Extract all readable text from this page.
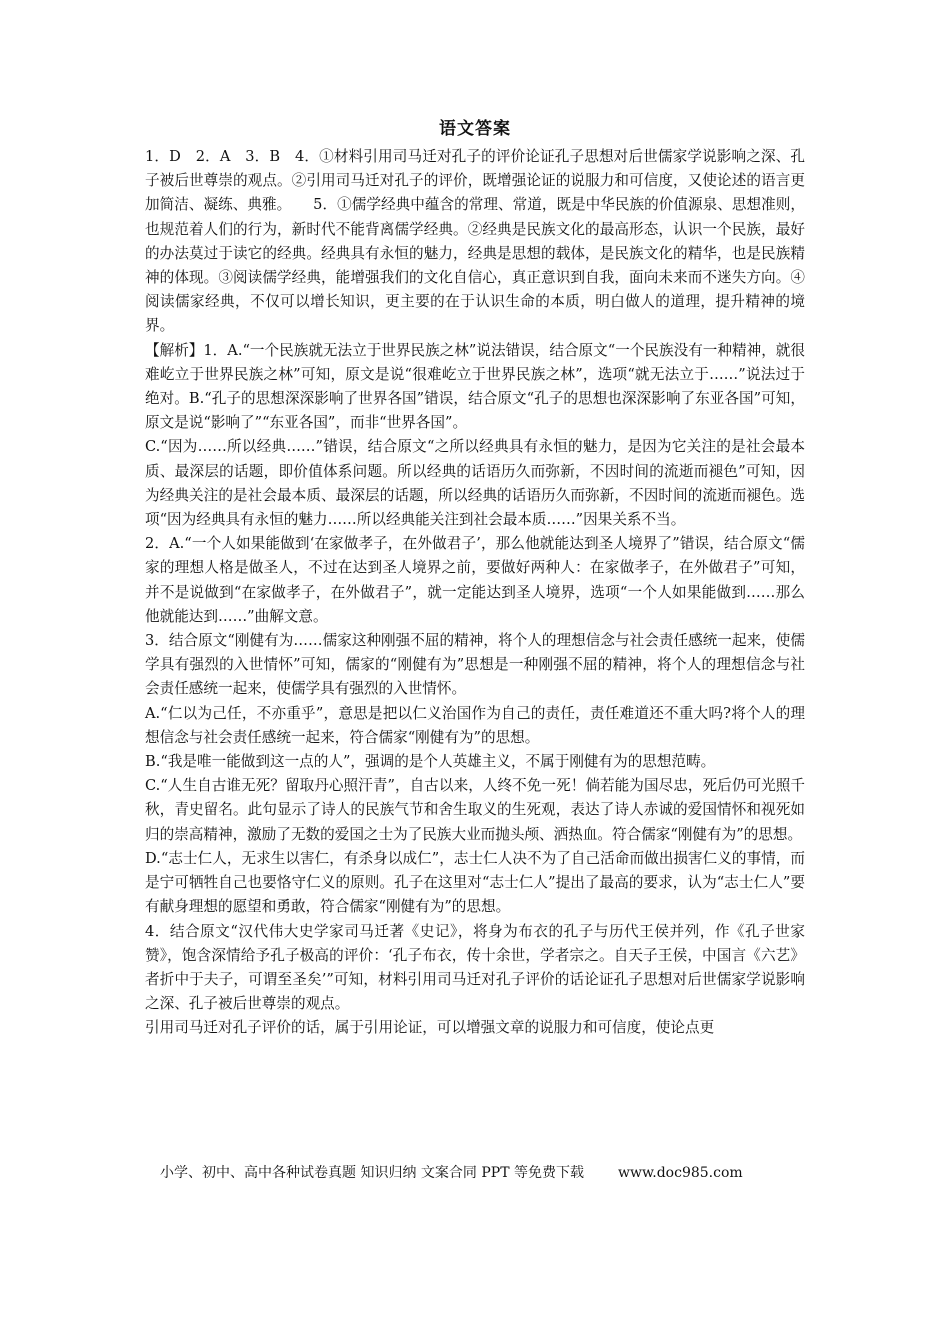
语文答案

1．D　2．A　3．B　4．①材料引用司马迁对孔子的评价论证孔子思想对后世儒家学说影响之深、孔子被后世尊崇的观点。②引用司马迁对孔子的评价，既增强论证的说服力和可信度，又使论述的语言更加简洁、凝练、典雅。　　5．①儒学经典中蕴含的常理、常道，既是中华民族的价值源泉、思想准则，也规范着人们的行为，新时代不能背离儒学经典。②经典是民族文化的最高形态，认识一个民族，最好的办法莫过于读它的经典。经典具有永恒的魅力，经典是思想的载体，是民族文化的精华，也是民族精神的体现。③阅读儒学经典，能增强我们的文化自信心，真正意识到自我，面向未来而不迷失方向。④阅读儒家经典，不仅可以增长知识，更主要的在于认识生命的本质，明白做人的道理，提升精神的境界。

【解析】1．A.“一个民族就无法立于世界民族之林”说法错误，结合原文“一个民族没有一种精神，就很难屹立于世界民族之林”可知，原文是说“很难屹立于世界民族之林”，选项“就无法立于……”说法过于绝对。B.“孔子的思想深深影响了世界各国”错误，结合原文“孔子的思想也深深影响了东亚各国”可知，原文是说“影响了”“东亚各国”，而非“世界各国”。

C.“因为……所以经典……”错误，结合原文“之所以经典具有永恒的魅力，是因为它关注的是社会最本质、最深层的话题，即价值体系问题。所以经典的话语历久而弥新，不因时间的流逝而褪色”可知，因为经典关注的是社会最本质、最深层的话题，所以经典的话语历久而弥新，不因时间的流逝而褪色。选项“因为经典具有永恒的魅力……所以经典能关注到社会最本质……”因果关系不当。

2．A.“一个人如果能做到‘在家做孝子，在外做君子’，那么他就能达到圣人境界了”错误，结合原文“儒家的理想人格是做圣人，不过在达到圣人境界之前，要做好两种人：在家做孝子，在外做君子”可知，并不是说做到“在家做孝子，在外做君子”，就一定能达到圣人境界，选项“一个人如果能做到……那么他就能达到……”曲解文意。

3．结合原文“刚健有为……儒家这种刚强不屈的精神，将个人的理想信念与社会责任感统一起来，使儒学具有强烈的入世情怀”可知，儒家的“刚健有为”思想是一种刚强不屈的精神，将个人的理想信念与社会责任感统一起来，使儒学具有强烈的入世情怀。

A.“仁以为己任，不亦重乎”，意思是把以仁义治国作为自己的责任，责任难道还不重大吗?将个人的理想信念与社会责任感统一起来，符合儒家“刚健有为”的思想。

B.“我是唯一能做到这一点的人”，强调的是个人英雄主义，不属于刚健有为的思想范畴。

C.“人生自古谁无死？留取丹心照汗青”，自古以来，人终不免一死！倘若能为国尽忠，死后仍可光照千秋，青史留名。此句显示了诗人的民族气节和舍生取义的生死观，表达了诗人赤诚的爱国情怀和视死如归的崇高精神，激励了无数的爱国之士为了民族大业而抛头颅、洒热血。符合儒家“刚健有为”的思想。

D.“志士仁人，无求生以害仁，有杀身以成仁”，志士仁人决不为了自己活命而做出损害仁义的事情，而是宁可牺牲自己也要恪守仁义的原则。孔子在这里对“志士仁人”提出了最高的要求，认为“志士仁人”要有献身理想的愿望和勇敢，符合儒家“刚健有为”的思想。

4．结合原文“汉代伟大史学家司马迁著《史记》，将身为布衣的孔子与历代王侯并列，作《孔子世家赞》，饱含深情给予孔子极高的评价：‘孔子布衣，传十余世，学者宗之。自天子王侯，中国言《六艺》者折中于夫子，可谓至圣矣’”可知，材料引用司马迁对孔子评价的话论证孔子思想对后世儒家学说影响之深、孔子被后世尊崇的观点。

引用司马迁对孔子评价的话，属于引用论证，可以增强文章的说服力和可信度，使论点更

小学、初中、高中各种试卷真题 知识归纳 文案合同 PPT 等免费下载 www.doc985.com
